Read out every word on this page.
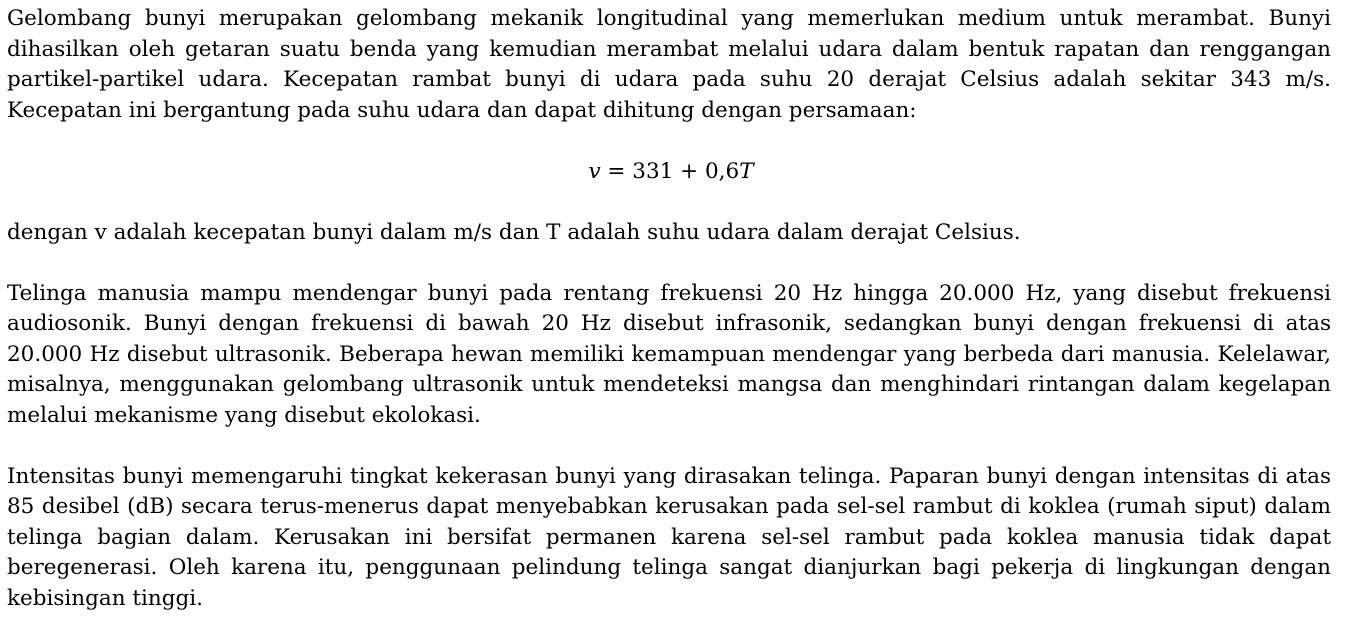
Gelombang bunyi merupakan gelombang mekanik longitudinal yang memerlukan medium untuk merambat. Bunyi dihasilkan oleh getaran suatu benda yang kemudian merambat melalui udara dalam bentuk rapatan dan renggangan partikel-partikel udara. Kecepatan rambat bunyi di udara pada suhu 20 derajat Celsius adalah sekitar 343 m/s. Kecepatan ini bergantung pada suhu udara dan dapat dihitung dengan persamaan:

v = 331 + 0,6T

dengan v adalah kecepatan bunyi dalam m/s dan T adalah suhu udara dalam derajat Celsius.

Telinga manusia mampu mendengar bunyi pada rentang frekuensi 20 Hz hingga 20.000 Hz, yang disebut frekuensi audiosonik. Bunyi dengan frekuensi di bawah 20 Hz disebut infrasonik, sedangkan bunyi dengan frekuensi di atas 20.000 Hz disebut ultrasonik. Beberapa hewan memiliki kemampuan mendengar yang berbeda dari manusia. Kelelawar, misalnya, menggunakan gelombang ultrasonik untuk mendeteksi mangsa dan menghindari rintangan dalam kegelapan melalui mekanisme yang disebut ekolokasi.

Intensitas bunyi memengaruhi tingkat kekerasan bunyi yang dirasakan telinga. Paparan bunyi dengan intensitas di atas 85 desibel (dB) secara terus-menerus dapat menyebabkan kerusakan pada sel-sel rambut di koklea (rumah siput) dalam telinga bagian dalam. Kerusakan ini bersifat permanen karena sel-sel rambut pada koklea manusia tidak dapat beregenerasi. Oleh karena itu, penggunaan pelindung telinga sangat dianjurkan bagi pekerja di lingkungan dengan kebisingan tinggi.
